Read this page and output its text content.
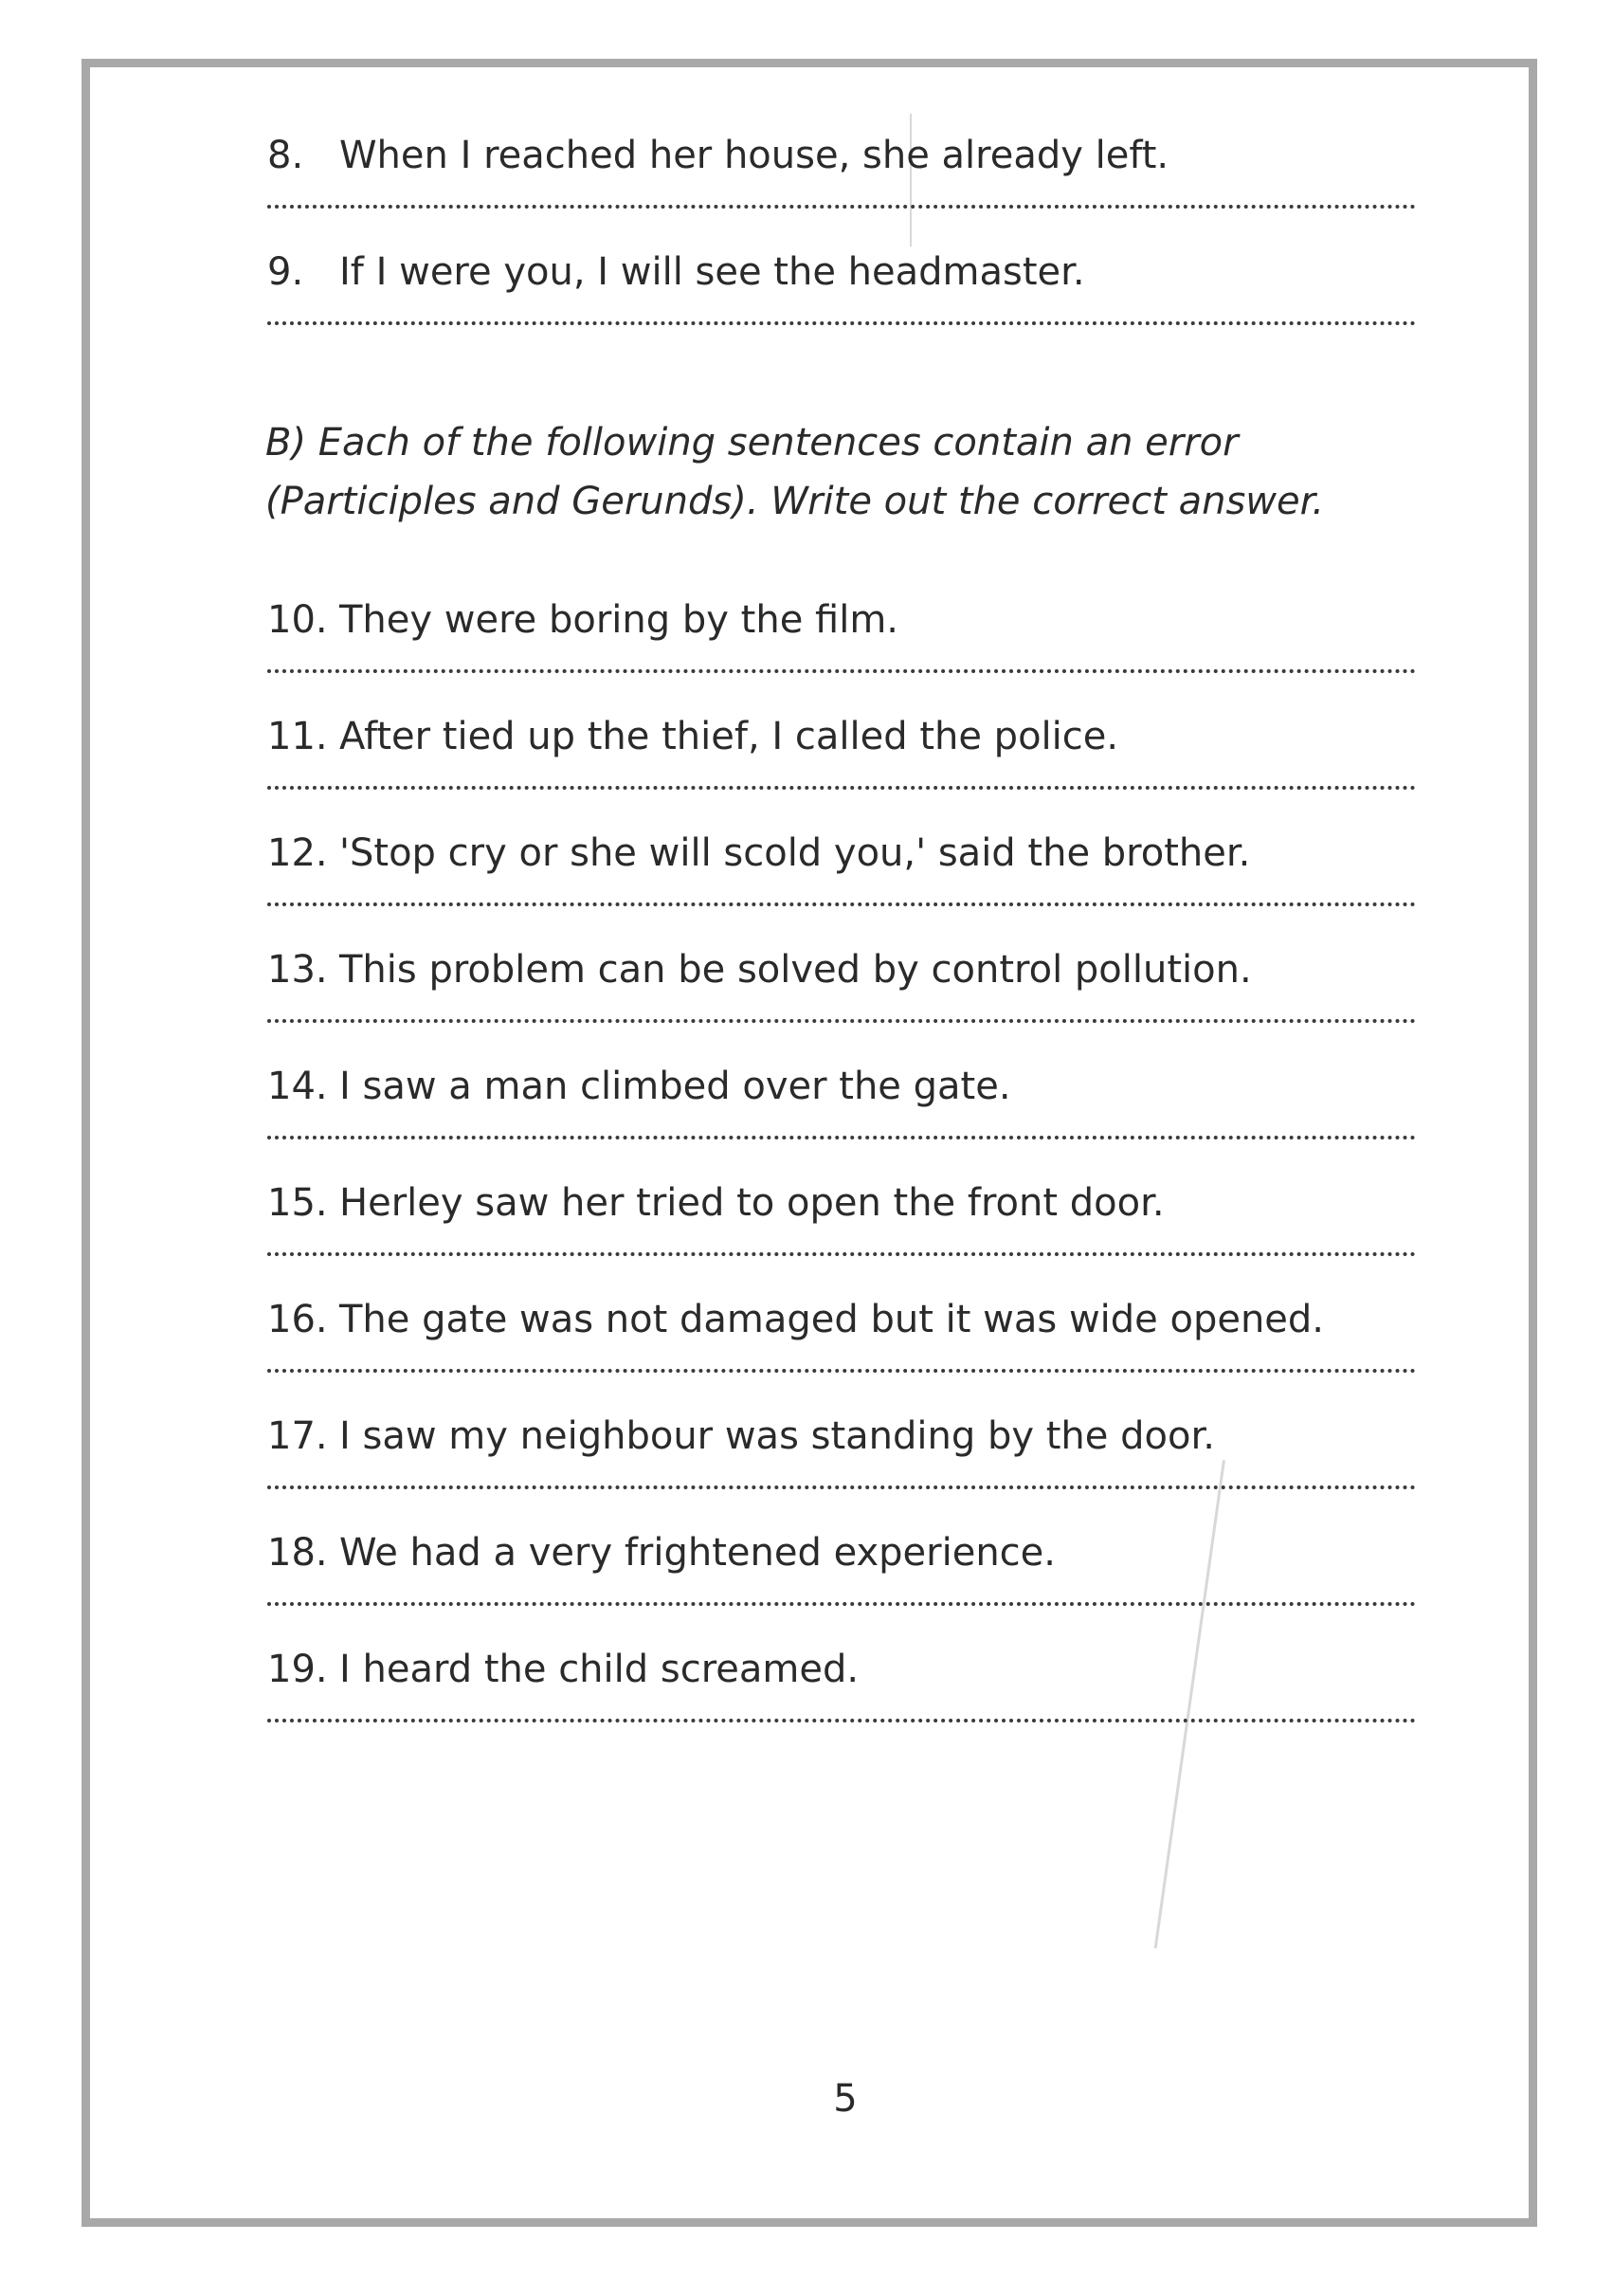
8. When I reached her house, she already left.
9. If I were you, I will see the headmaster.
B) Each of the following sentences contain an error
(Participles and Gerunds). Write out the correct answer.
10. They were boring by the film.
11. After tied up the thief, I called the police.
12. 'Stop cry or she will scold you,' said the brother.
13. This problem can be solved by control pollution.
14. I saw a man climbed over the gate.
15. Herley saw her tried to open the front door.
16. The gate was not damaged but it was wide opened.
17. I saw my neighbour was standing by the door.
18. We had a very frightened experience.
19. I heard the child screamed.
5
